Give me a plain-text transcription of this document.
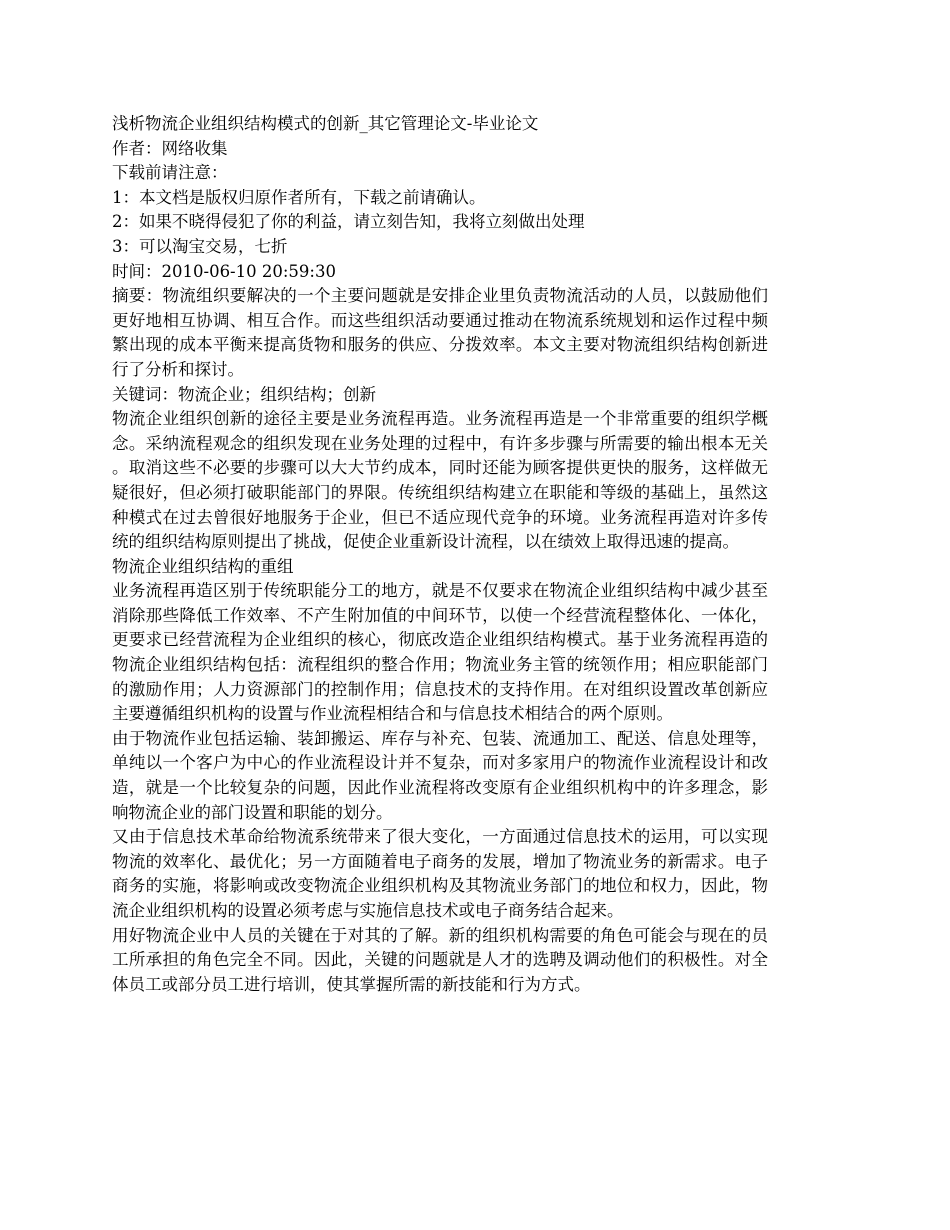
浅析物流企业组织结构模式的创新_其它管理论文-毕业论文

作者：网络收集

下载前请注意：

1：本文档是版权归原作者所有，下载之前请确认。

2：如果不晓得侵犯了你的利益，请立刻告知，我将立刻做出处理

3：可以淘宝交易，七折

时间：2010-06-10 20:59:30

摘要：物流组织要解决的一个主要问题就是安排企业里负责物流活动的人员，以鼓励他们更好地相互协调、相互合作。而这些组织活动要通过推动在物流系统规划和运作过程中频繁出现的成本平衡来提高货物和服务的供应、分拨效率。本文主要对物流组织结构创新进行了分析和探讨。

关键词：物流企业；组织结构；创新

物流企业组织创新的途径主要是业务流程再造。业务流程再造是一个非常重要的组织学概念。采纳流程观念的组织发现在业务处理的过程中，有许多步骤与所需要的输出根本无关。取消这些不必要的步骤可以大大节约成本，同时还能为顾客提供更快的服务，这样做无疑很好，但必须打破职能部门的界限。传统组织结构建立在职能和等级的基础上，虽然这种模式在过去曾很好地服务于企业，但已不适应现代竞争的环境。业务流程再造对许多传统的组织结构原则提出了挑战，促使企业重新设计流程，以在绩效上取得迅速的提高。

物流企业组织结构的重组

业务流程再造区别于传统职能分工的地方，就是不仅要求在物流企业组织结构中减少甚至消除那些降低工作效率、不产生附加值的中间环节，以使一个经营流程整体化、一体化，更要求已经营流程为企业组织的核心，彻底改造企业组织结构模式。基于业务流程再造的物流企业组织结构包括：流程组织的整合作用；物流业务主管的统领作用；相应职能部门的激励作用；人力资源部门的控制作用；信息技术的支持作用。在对组织设置改革创新应主要遵循组织机构的设置与作业流程相结合和与信息技术相结合的两个原则。

由于物流作业包括运输、装卸搬运、库存与补充、包装、流通加工、配送、信息处理等，单纯以一个客户为中心的作业流程设计并不复杂，而对多家用户的物流作业流程设计和改造，就是一个比较复杂的问题，因此作业流程将改变原有企业组织机构中的许多理念，影响物流企业的部门设置和职能的划分。

又由于信息技术革命给物流系统带来了很大变化，一方面通过信息技术的运用，可以实现物流的效率化、最优化；另一方面随着电子商务的发展，增加了物流业务的新需求。电子商务的实施，将影响或改变物流企业组织机构及其物流业务部门的地位和权力，因此，物流企业组织机构的设置必须考虑与实施信息技术或电子商务结合起来。

用好物流企业中人员的关键在于对其的了解。新的组织机构需要的角色可能会与现在的员工所承担的角色完全不同。因此，关键的问题就是人才的选聘及调动他们的积极性。对全体员工或部分员工进行培训，使其掌握所需的新技能和行为方式。
